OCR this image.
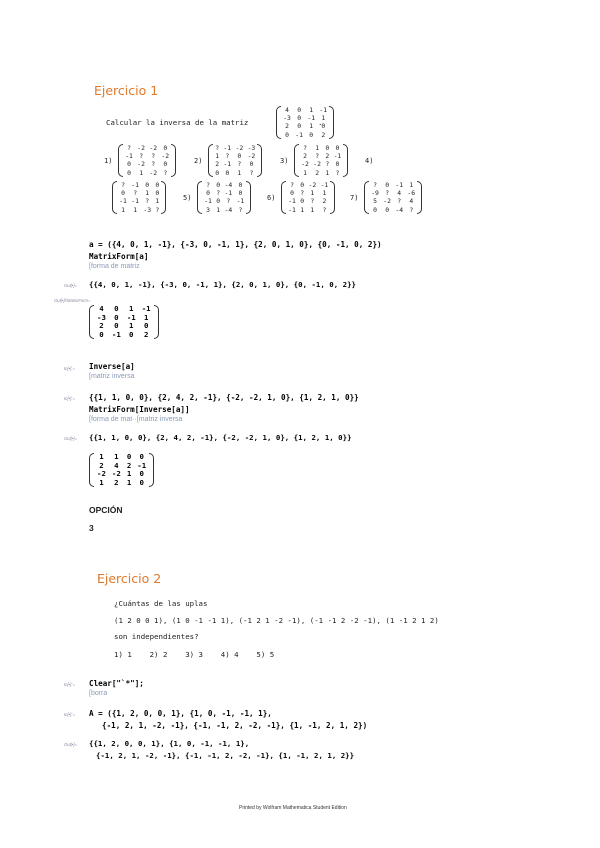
Ejercicio 1
Calcular la inversa de la matriz
4	0	1	-1
-3	0	-1	1
2	0	1	0
0	-1	0	2
.
1)
?	-2	-2	0
-1	?	?	-2
0	-2	?	0
0	1	-2	?
2)
?	-1	-2	-3
1	?	0	-2
2	-1	?	0
0	0	1	?
3)
?	1	0	0
2	?	2	-1
-2	-2	?	0
1	2	1	?
4)
?	-1	0	0
0	?	1	0
-1	-1	?	1
1	1	-3	?
5)
?	0	-4	0
0	?	-1	0
-1	0	?	-1
3	1	-4	?
6)
?	0	-2	-1
0	?	1	1
-1	0	?	2
-1	1	1	?
7)
?	0	-1	1
-9	?	4	-6
5	-2	?	4
0	0	-4	?
a = ({4, 0, 1, -1}, {-3, 0, -1, 1}, {2, 0, 1, 0}, {0, -1, 0, 2})
MatrixForm[a]
[forma de matriz
Out[•]= {{4, 0, 1, -1}, {-3, 0, -1, 1}, {2, 0, 1, 0}, {0, -1, 0, 2}}
Out[•]//MatrixForm=
4	0	1	-1
-3	0	-1	1
2	0	1	0
0	-1	0	2
In[•]:= Inverse[a]
[matriz inversa
In[•]:= {{1, 1, 0, 0}, {2, 4, 2, -1}, {-2, -2, 1, 0}, {1, 2, 1, 0}}
MatrixForm[Inverse[a]]
[forma de mat··[matriz inversa
Out[•]= {{1, 1, 0, 0}, {2, 4, 2, -1}, {-2, -2, 1, 0}, {1, 2, 1, 0}}
1	1	0	0
2	4	2	-1
-2	-2	1	0
1	2	1	0
OPCIÓN
3
Ejercicio 2
¿Cuántas de las uplas
(1 2 0 0 1), (1 0 -1 -1 1), (-1 2 1 -2 -1), (-1 -1 2 -2 -1), (1 -1 2 1 2)
son independientes?
1) 1    2) 2    3) 3    4) 4    5) 5
In[•]:= Clear["`*"];
[borra
In[•]:= A = ({1, 2, 0, 0, 1}, {1, 0, -1, -1, 1},
{-1, 2, 1, -2, -1}, {-1, -1, 2, -2, -1}, {1, -1, 2, 1, 2})
Out[•]= {{1, 2, 0, 0, 1}, {1, 0, -1, -1, 1},
{-1, 2, 1, -2, -1}, {-1, -1, 2, -2, -1}, {1, -1, 2, 1, 2}}
Printed by Wolfram Mathematica Student Edition
